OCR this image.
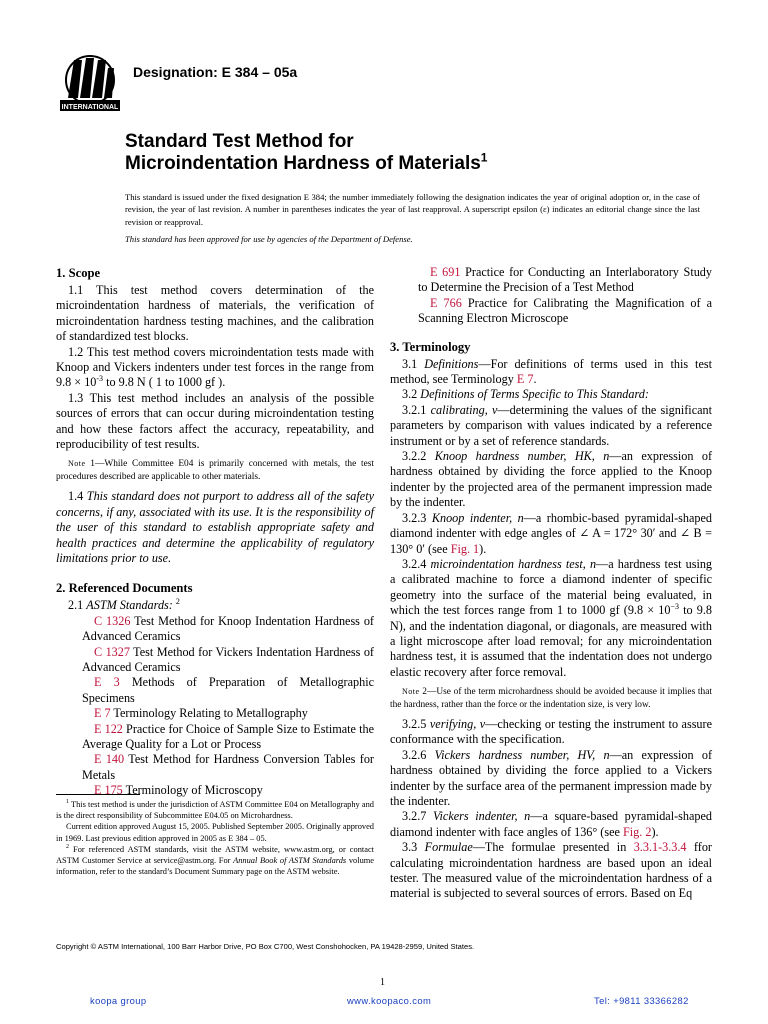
INTERNATIONAL
Designation: E 384 – 05a
Standard Test Method for
Microindentation Hardness of Materials$^1$
This standard is issued under the fixed designation E 384; the number immediately following the designation indicates the year of original adoption or, in the case of revision, the year of last revision. A number in parentheses indicates the year of last reapproval. A superscript epsilon (ε) indicates an editorial change since the last revision or reapproval.
This standard has been approved for use by agencies of the Department of Defense.
1. Scope

1.1 This test method covers determination of the microindentation hardness of materials, the verification of microindentation hardness testing machines, and the calibration of standardized test blocks.

1.2 This test method covers microindentation tests made with Knoop and Vickers indenters under test forces in the range from $9.8 \times 10^{-3}$ to 9.8 N ( 1 to 1000 gf ).

1.3 This test method includes an analysis of the possible sources of errors that can occur during microindentation testing and how these factors affect the accuracy, repeatability, and reproducibility of test results.

Note 1—While Committee E04 is primarily concerned with metals, the test procedures described are applicable to other materials.

1.4 This standard does not purport to address all of the safety concerns, if any, associated with its use. It is the responsibility of the user of this standard to establish appropriate safety and health practices and determine the applicability of regulatory limitations prior to use.

2. Referenced Documents

2.1 ASTM Standards: $^2$

C 1326 Test Method for Knoop Indentation Hardness of Advanced Ceramics

C 1327 Test Method for Vickers Indentation Hardness of Advanced Ceramics

E 3 Methods of Preparation of Metallographic Specimens

E 7 Terminology Relating to Metallography

E 122 Practice for Choice of Sample Size to Estimate the Average Quality for a Lot or Process

E 140 Test Method for Hardness Conversion Tables for Metals

E 175 Terminology of Microscopy

E 691 Practice for Conducting an Interlaboratory Study to Determine the Precision of a Test Method

E 766 Practice for Calibrating the Magnification of a Scanning Electron Microscope

3. Terminology

3.1 Definitions—For definitions of terms used in this test method, see Terminology E 7.

3.2 Definitions of Terms Specific to This Standard:

3.2.1 calibrating, v—determining the values of the significant parameters by comparison with values indicated by a reference instrument or by a set of reference standards.

3.2.2 Knoop hardness number, HK, n—an expression of hardness obtained by dividing the force applied to the Knoop indenter by the projected area of the permanent impression made by the indenter.

3.2.3 Knoop indenter, n—a rhombic-based pyramidal-shaped diamond indenter with edge angles of ∠ A = 172° 30′ and ∠ B = 130° 0′ (see Fig. 1).

3.2.4 microindentation hardness test, n—a hardness test using a calibrated machine to force a diamond indenter of specific geometry into the surface of the material being evaluated, in which the test forces range from 1 to 1000 gf ($9.8 \times 10^{-3}$ to 9.8 N), and the indentation diagonal, or diagonals, are measured with a light microscope after load removal; for any microindentation hardness test, it is assumed that the indentation does not undergo elastic recovery after force removal.

Note 2—Use of the term microhardness should be avoided because it implies that the hardness, rather than the force or the indentation size, is very low.

3.2.5 verifying, v—checking or testing the instrument to assure conformance with the specification.

3.2.6 Vickers hardness number, HV, n—an expression of hardness obtained by dividing the force applied to a Vickers indenter by the surface area of the permanent impression made by the indenter.

3.2.7 Vickers indenter, n—a square-based pyramidal-shaped diamond indenter with face angles of 136° (see Fig. 2).

3.3 Formulae—The formulae presented in 3.3.1-3.3.4 ffor calculating microindentation hardness are based upon an ideal tester. The measured value of the microindentation hardness of a material is subjected to several sources of errors. Based on Eq

$^1$ This test method is under the jurisdiction of ASTM Committee E04 on Metallography and is the direct responsibility of Subcommittee E04.05 on Microhardness.

Current edition approved August 15, 2005. Published September 2005. Originally approved in 1969. Last previous edition approved in 2005 as E 384 – 05.

$^2$ For referenced ASTM standards, visit the ASTM website, www.astm.org, or contact ASTM Customer Service at service@astm.org. For Annual Book of ASTM Standards volume information, refer to the standard’s Document Summary page on the ASTM website.

Copyright © ASTM International, 100 Barr Harbor Drive, PO Box C700, West Conshohocken, PA 19428-2959, United States.
1
koopa group	www.koopaco.com	Tel: +9811 33366282
